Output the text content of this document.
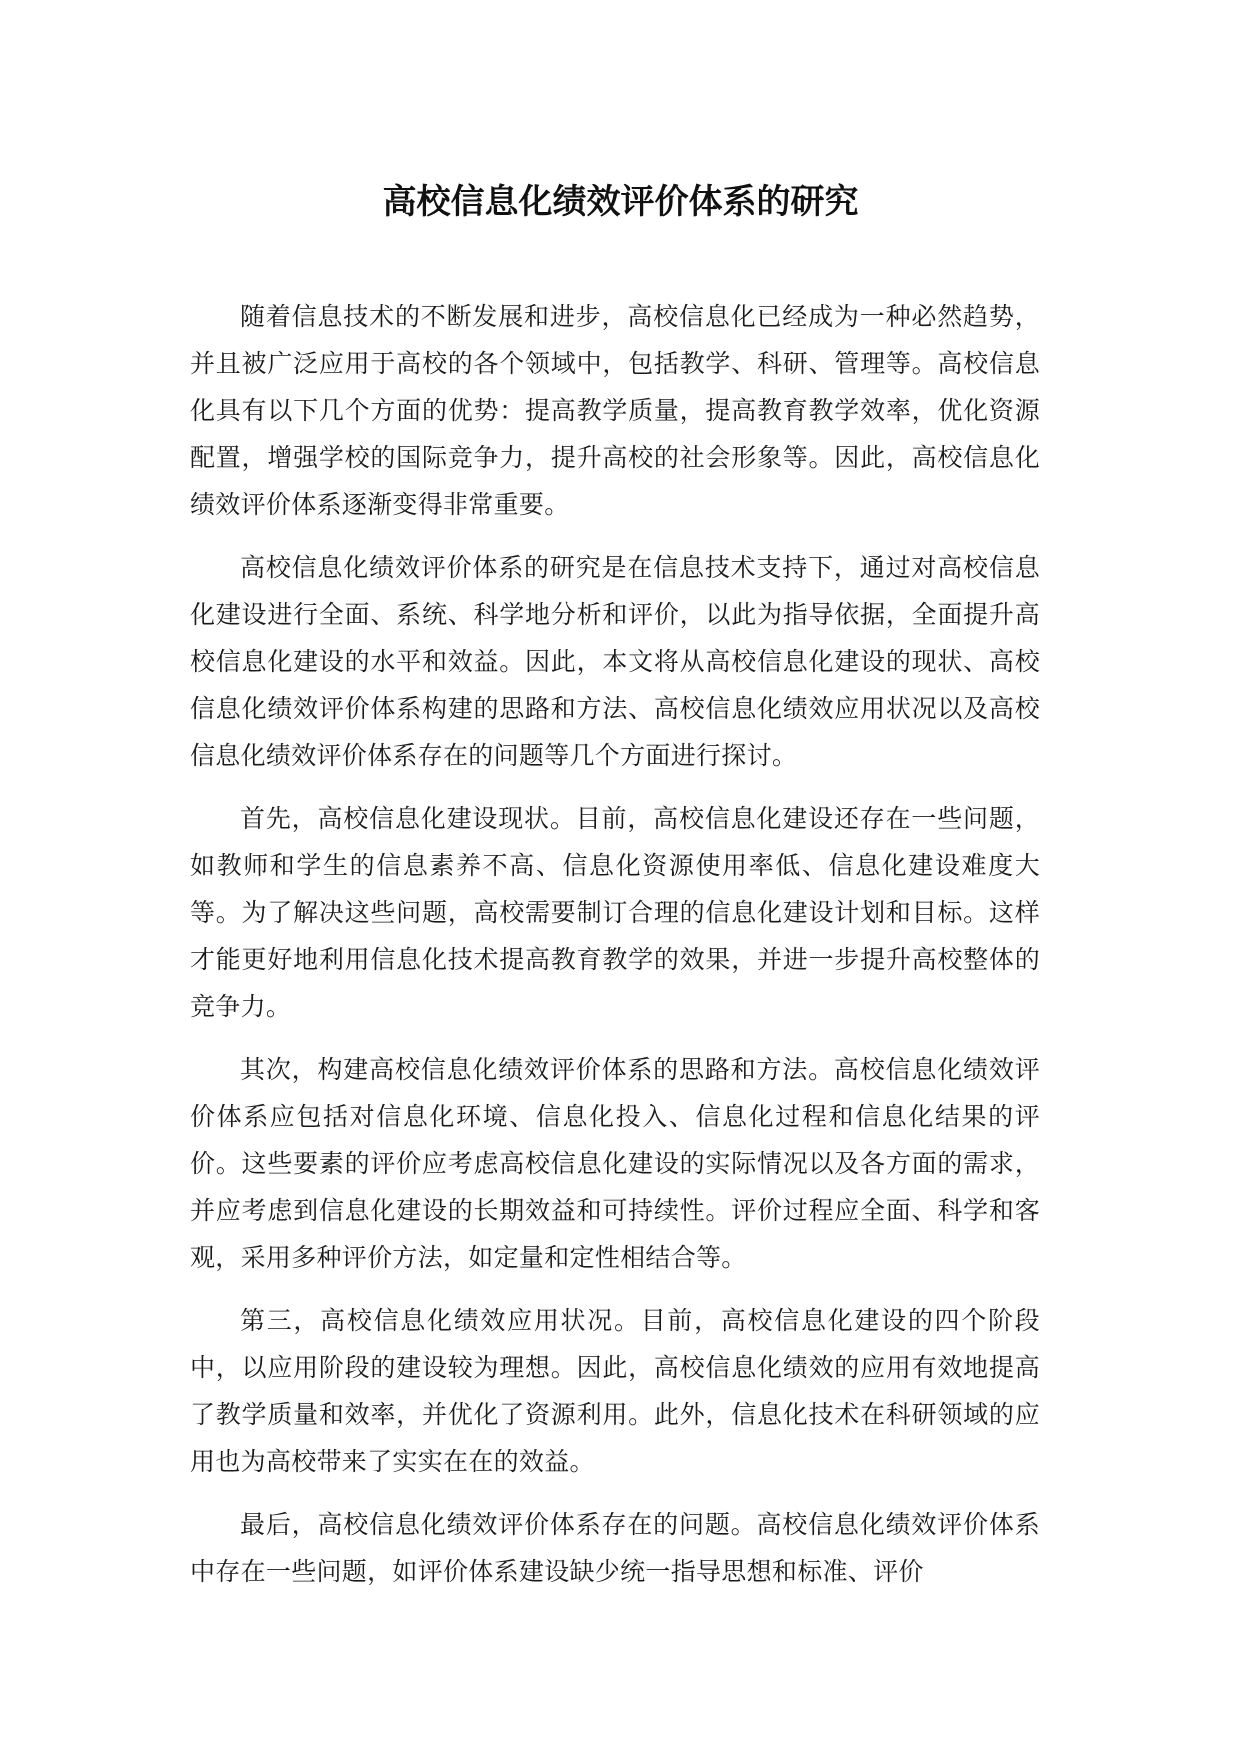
高校信息化绩效评价体系的研究

随着信息技术的不断发展和进步，高校信息化已经成为一种必然趋势，并且被广泛应用于高校的各个领域中，包括教学、科研、管理等。高校信息化具有以下几个方面的优势：提高教学质量，提高教育教学效率，优化资源配置，增强学校的国际竞争力，提升高校的社会形象等。因此，高校信息化绩效评价体系逐渐变得非常重要。

高校信息化绩效评价体系的研究是在信息技术支持下，通过对高校信息化建设进行全面、系统、科学地分析和评价，以此为指导依据，全面提升高校信息化建设的水平和效益。因此，本文将从高校信息化建设的现状、高校信息化绩效评价体系构建的思路和方法、高校信息化绩效应用状况以及高校信息化绩效评价体系存在的问题等几个方面进行探讨。

首先，高校信息化建设现状。目前，高校信息化建设还存在一些问题，如教师和学生的信息素养不高、信息化资源使用率低、信息化建设难度大等。为了解决这些问题，高校需要制订合理的信息化建设计划和目标。这样才能更好地利用信息化技术提高教育教学的效果，并进一步提升高校整体的竞争力。

其次，构建高校信息化绩效评价体系的思路和方法。高校信息化绩效评价体系应包括对信息化环境、信息化投入、信息化过程和信息化结果的评价。这些要素的评价应考虑高校信息化建设的实际情况以及各方面的需求，并应考虑到信息化建设的长期效益和可持续性。评价过程应全面、科学和客观，采用多种评价方法，如定量和定性相结合等。

第三，高校信息化绩效应用状况。目前，高校信息化建设的四个阶段中，以应用阶段的建设较为理想。因此，高校信息化绩效的应用有效地提高了教学质量和效率，并优化了资源利用。此外，信息化技术在科研领域的应用也为高校带来了实实在在的效益。

最后，高校信息化绩效评价体系存在的问题。高校信息化绩效评价体系中存在一些问题，如评价体系建设缺少统一指导思想和标准、评价
